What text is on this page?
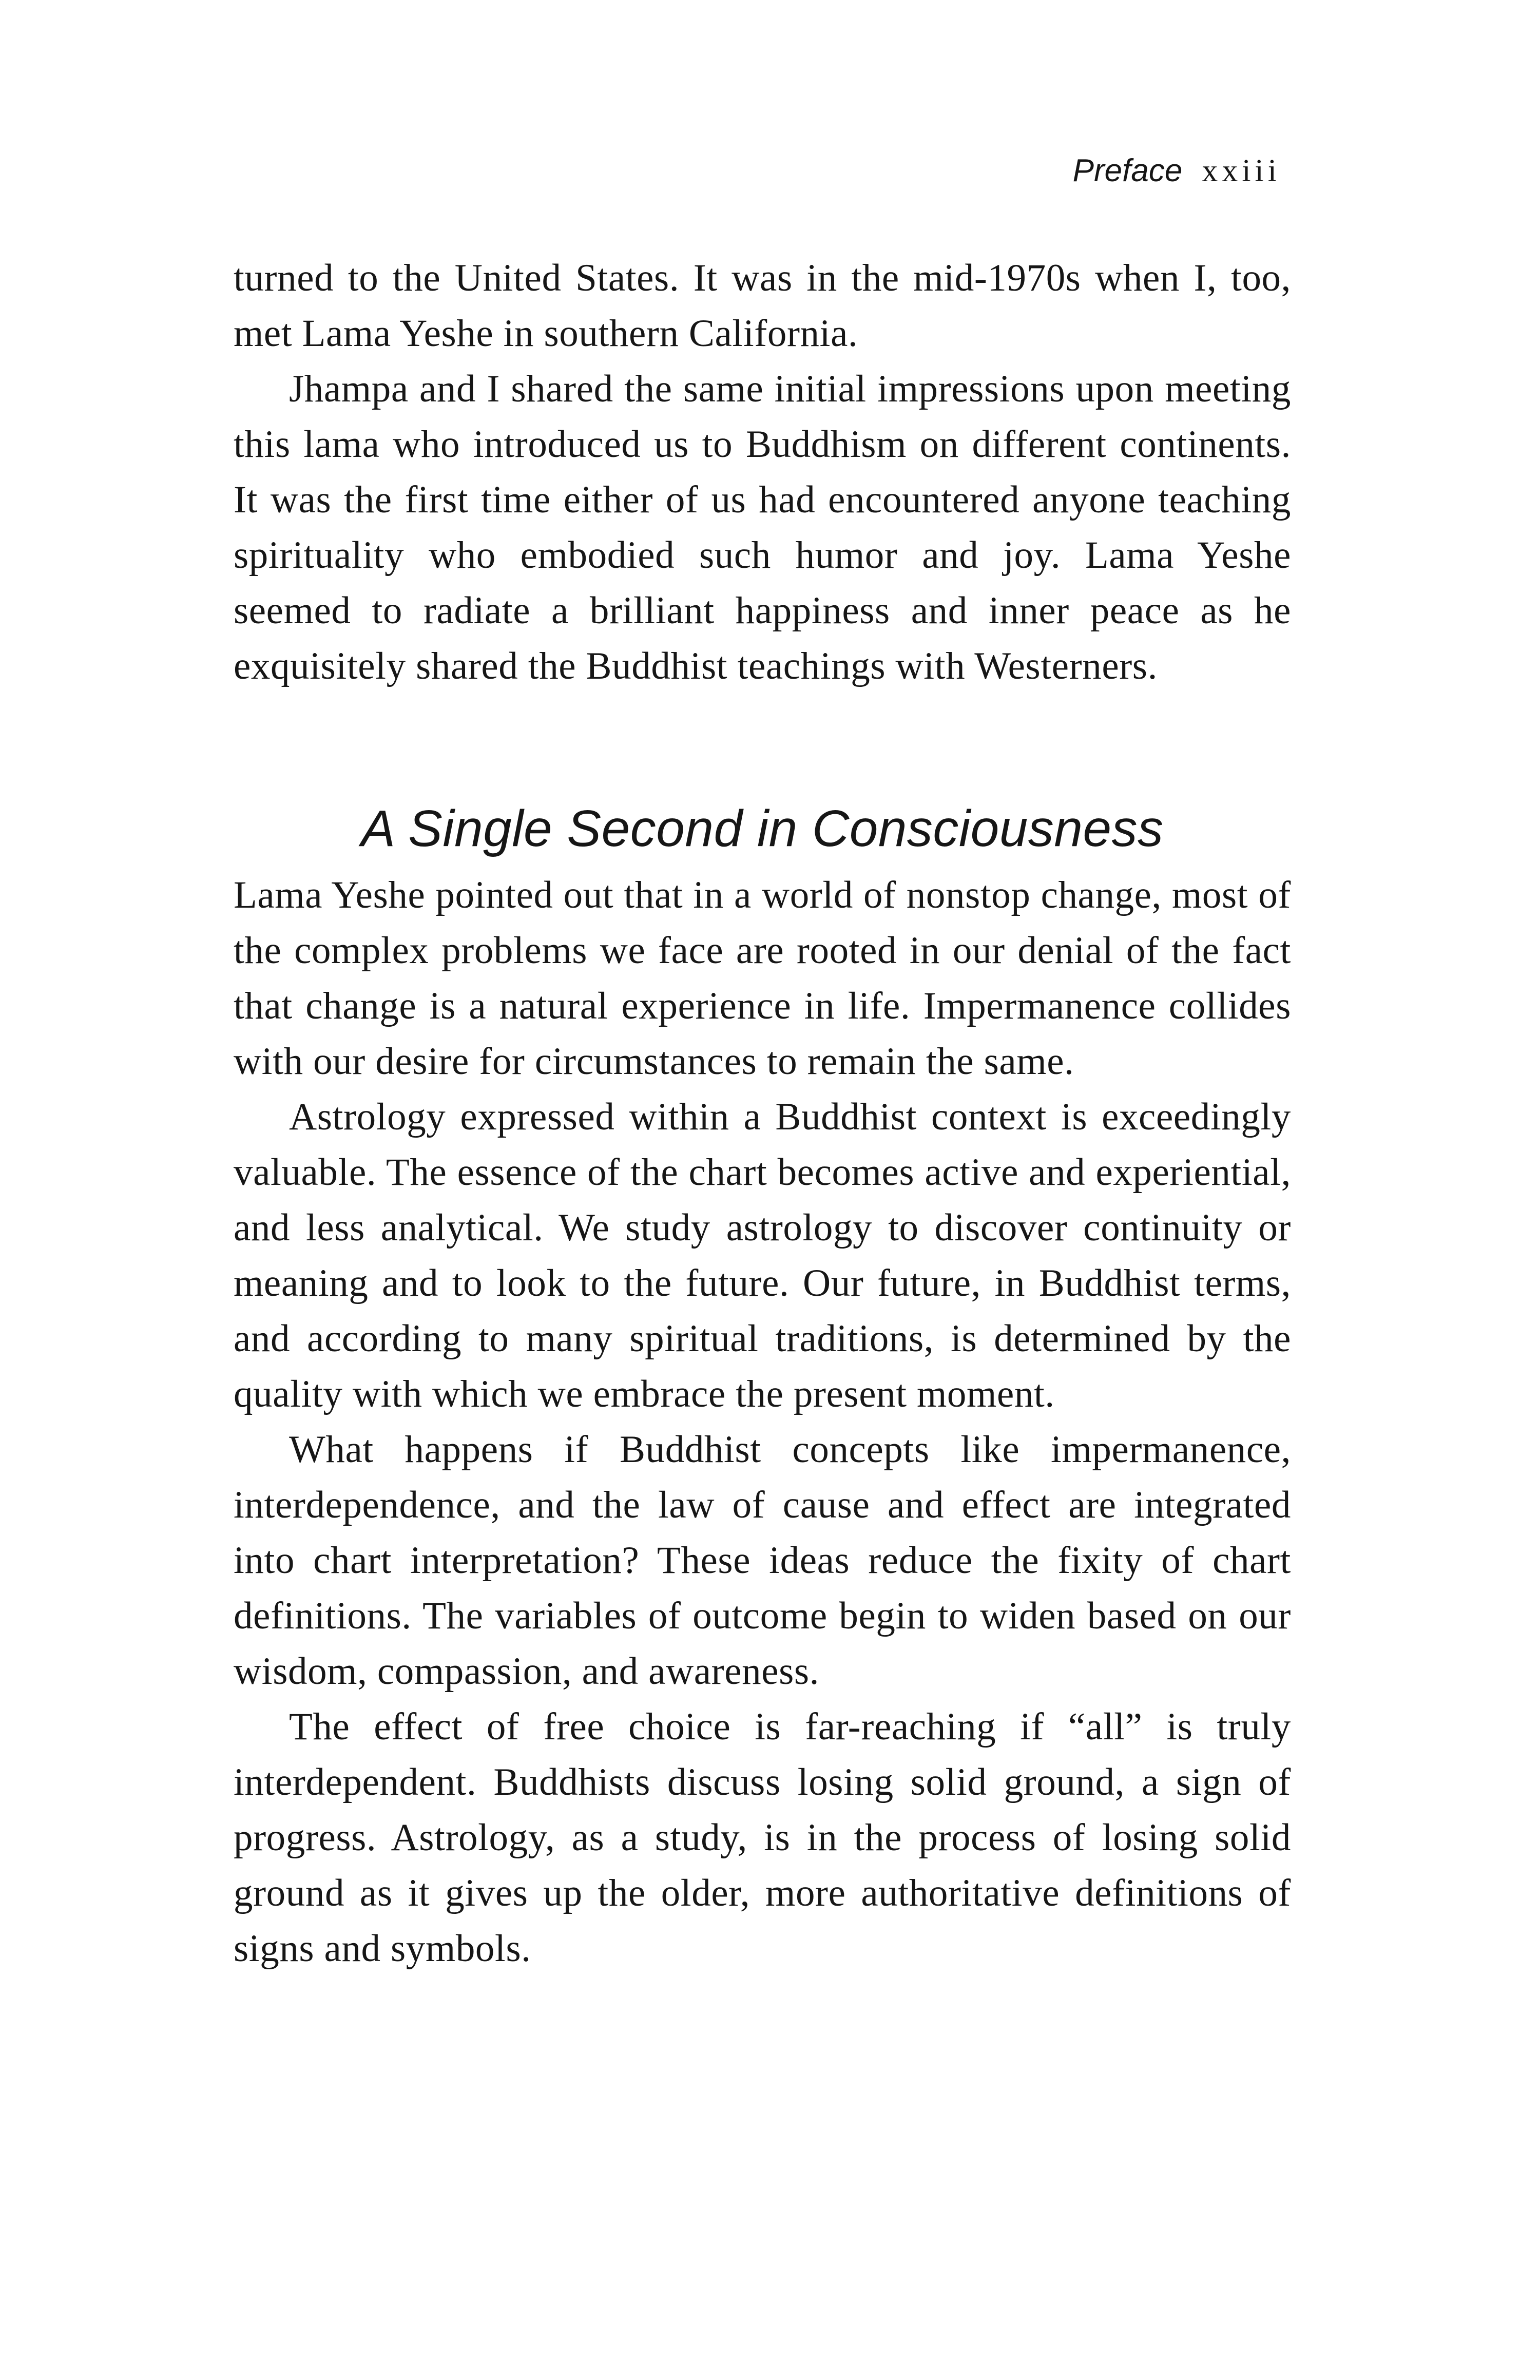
Preface xxiii

turned to the United States. It was in the mid-1970s when I, too, met Lama Yeshe in southern California.

Jhampa and I shared the same initial impressions upon meeting this lama who introduced us to Buddhism on different continents. It was the first time either of us had encountered anyone teaching spirituality who embodied such humor and joy. Lama Yeshe seemed to radiate a brilliant happiness and inner peace as he exquisitely shared the Buddhist teachings with Westerners.

A Single Second in Consciousness

Lama Yeshe pointed out that in a world of nonstop change, most of the complex problems we face are rooted in our denial of the fact that change is a natural experience in life. Impermanence collides with our desire for circumstances to remain the same.

Astrology expressed within a Buddhist context is exceedingly valuable. The essence of the chart becomes active and experiential, and less analytical. We study astrology to discover continuity or meaning and to look to the future. Our future, in Buddhist terms, and according to many spiritual traditions, is determined by the quality with which we embrace the present moment.

What happens if Buddhist concepts like impermanence, interdependence, and the law of cause and effect are integrated into chart interpretation? These ideas reduce the fixity of chart definitions. The variables of outcome begin to widen based on our wisdom, compassion, and awareness.

The effect of free choice is far-reaching if “all” is truly interdependent. Buddhists discuss losing solid ground, a sign of progress. Astrology, as a study, is in the process of losing solid ground as it gives up the older, more authoritative definitions of signs and symbols.
